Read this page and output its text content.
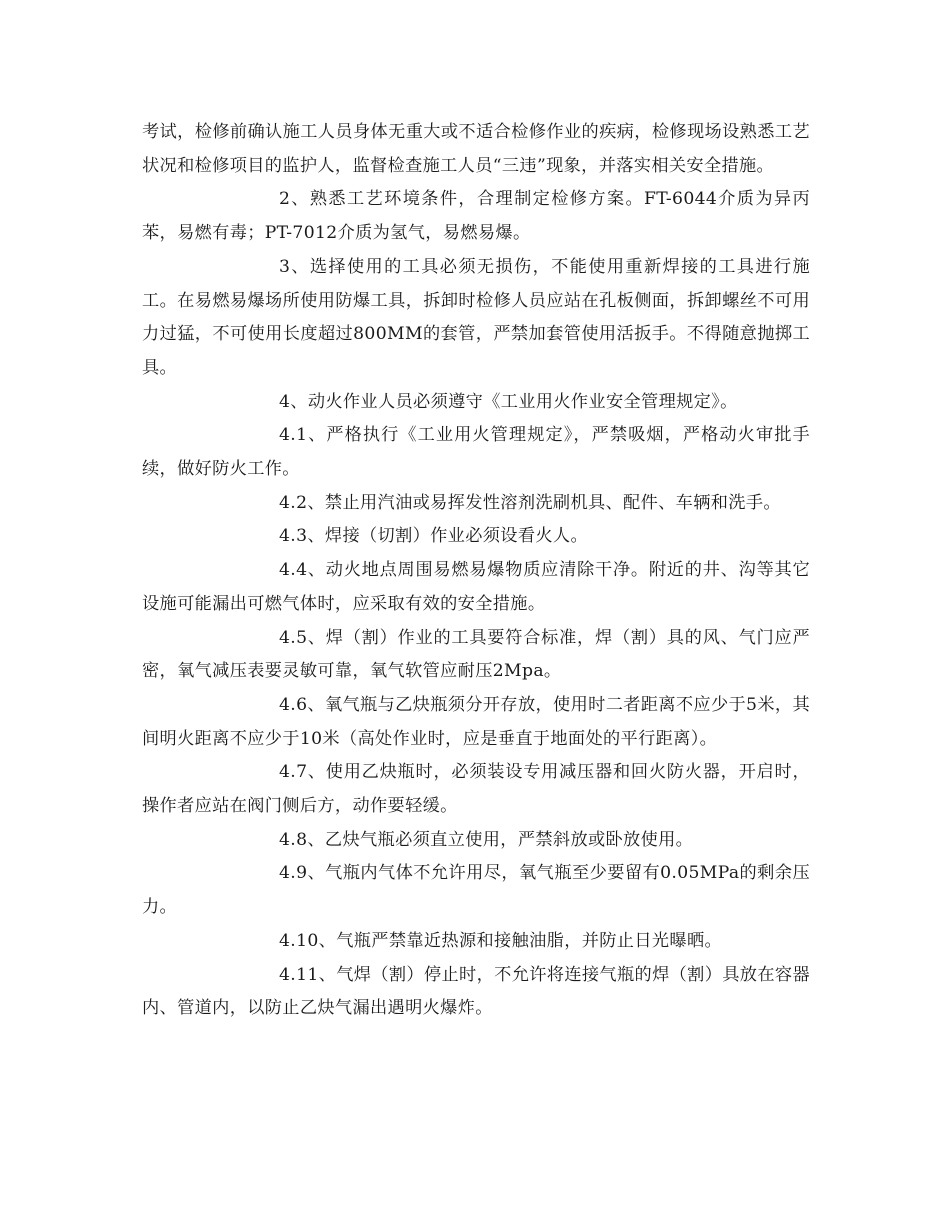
考试，检修前确认施工人员身体无重大或不适合检修作业的疾病，检修现场设熟悉工艺状况和检修项目的监护人，监督检查施工人员“三违”现象，并落实相关安全措施。

2、熟悉工艺环境条件，合理制定检修方案。FT-6044介质为异丙苯，易燃有毒；PT-7012介质为氢气，易燃易爆。

3、选择使用的工具必须无损伤，不能使用重新焊接的工具进行施工。在易燃易爆场所使用防爆工具，拆卸时检修人员应站在孔板侧面，拆卸螺丝不可用力过猛，不可使用长度超过800MM的套管，严禁加套管使用活扳手。不得随意抛掷工具。

4、动火作业人员必须遵守《工业用火作业安全管理规定》。

4.1、严格执行《工业用火管理规定》，严禁吸烟，严格动火审批手续，做好防火工作。

4.2、禁止用汽油或易挥发性溶剂洗刷机具、配件、车辆和洗手。

4.3、焊接（切割）作业必须设看火人。

4.4、动火地点周围易燃易爆物质应清除干净。附近的井、沟等其它设施可能漏出可燃气体时，应采取有效的安全措施。

4.5、焊（割）作业的工具要符合标准，焊（割）具的风、气门应严密，氧气减压表要灵敏可靠，氧气软管应耐压2Mpa。

4.6、氧气瓶与乙炔瓶须分开存放，使用时二者距离不应少于5米，其间明火距离不应少于10米（高处作业时，应是垂直于地面处的平行距离）。

4.7、使用乙炔瓶时，必须装设专用减压器和回火防火器，开启时，操作者应站在阀门侧后方，动作要轻缓。

4.8、乙炔气瓶必须直立使用，严禁斜放或卧放使用。

4.9、气瓶内气体不允许用尽，氧气瓶至少要留有0.05MPa的剩余压力。

4.10、气瓶严禁靠近热源和接触油脂，并防止日光曝晒。

4.11、气焊（割）停止时，不允许将连接气瓶的焊（割）具放在容器内、管道内，以防止乙炔气漏出遇明火爆炸。
